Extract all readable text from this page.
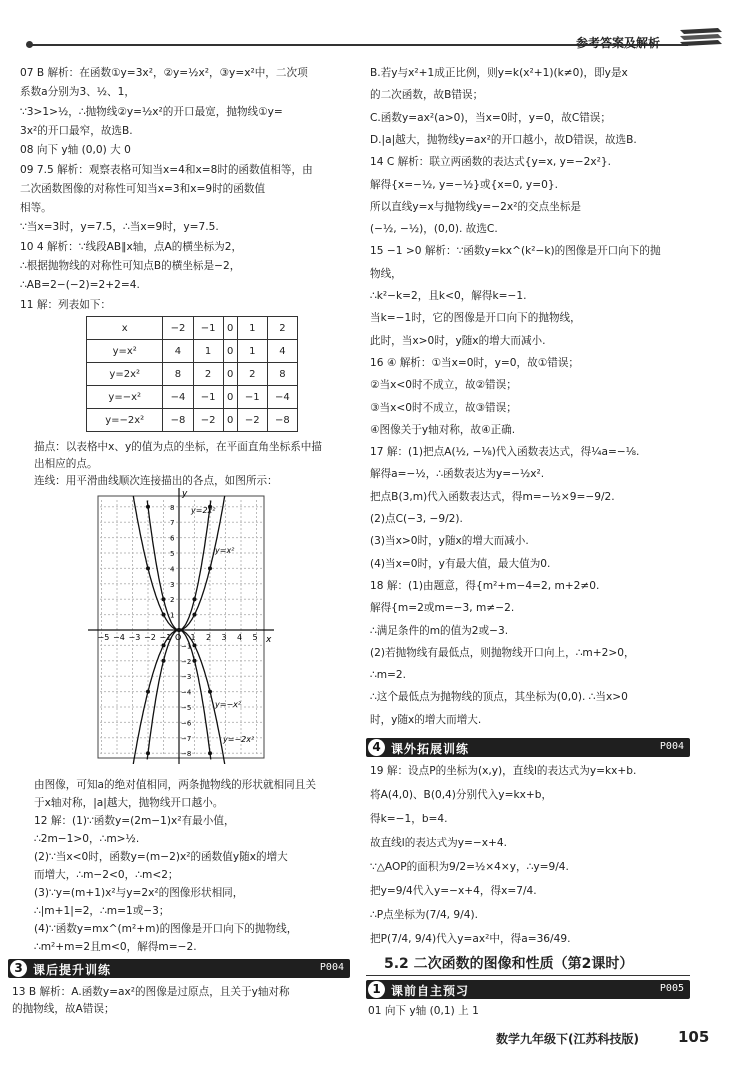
参考答案及解析
07 B 解析：在函数①y=3x²，②y=½x²，③y=x²中，二次项
系数a分别为3、½、1，
∵3>1>½，∴抛物线②y=½x²的开口最宽，抛物线①y=
3x²的开口最窄，故选B.
08 向下 y轴 (0,0) 大 0
09 7.5 解析：观察表格可知当x=4和x=8时的函数值相等，由
二次函数图像的对称性可知当x=3和x=9时的函数值
相等。
∵当x=3时，y=7.5，∴当x=9时，y=7.5.
10 4 解析：∵线段AB∥x轴，点A的横坐标为2，
∴根据抛物线的对称性可知点B的横坐标是−2，
∴AB=2−(−2)=2+2=4.
11 解：列表如下：
x	−2	−1	0	1	2
y=x²	4	1	0	1	4
y=2x²	8	2	0	2	8
y=−x²	−4	−1	0	−1	−4
y=−2x²	−8	−2	0	−2	−8
描点：以表格中x、y的值为点的坐标，在平面直角坐标系中描
出相应的点。
连线：用平滑曲线顺次连接描出的各点，如图所示：
x
y
−5 −4 −3 −2 −1 O 1 2 3 4 5
8
7
6
5
4
3
2
1
−1
−2
−3
−4
−5
−6
−7
−8
y=2x²
y=x²
y=−x²
y=−2x²
由图像，可知a的绝对值相同，两条抛物线的形状就相同且关
于x轴对称，|a|越大，抛物线开口越小。
12 解：(1)∵函数y=(2m−1)x²有最小值，
∴2m−1>0，∴m>½.
(2)∵当x<0时，函数y=(m−2)x²的函数值y随x的增大
而增大，∴m−2<0，∴m<2；
(3)∵y=(m+1)x²与y=2x²的图像形状相同，
∴|m+1|=2，∴m=1或−3；
(4)∵函数y=mx^(m²+m)的图像是开口向下的抛物线，
∴m²+m=2且m<0，解得m=−2.
3 课后提升训练	P004
13 B 解析：A.函数y=ax²的图像是过原点，且关于y轴对称
的抛物线，故A错误；
B.若y与x²+1成正比例，则y=k(x²+1)(k≠0)，即y是x
的二次函数，故B错误；
C.函数y=ax²(a>0)，当x=0时，y=0，故C错误；
D.|a|越大，抛物线y=ax²的开口越小，故D错误，故选B.
14 C 解析：联立两函数的表达式{y=x, y=−2x²}.
解得{x=−½, y=−½}或{x=0, y=0}.
所以直线y=x与抛物线y=−2x²的交点坐标是
(−½, −½)，(0,0). 故选C.
15 −1 >0 解析：∵函数y=kx^(k²−k)的图像是开口向下的抛
物线，
∴k²−k=2，且k<0，解得k=−1.
当k=−1时，它的图像是开口向下的抛物线，
此时，当x>0时，y随x的增大而减小.
16 ④ 解析：①当x=0时，y=0，故①错误；
②当x<0时不成立，故②错误；
③当x<0时不成立，故③错误；
④图像关于y轴对称，故④正确.
17 解：(1)把点A(½, −⅛)代入函数表达式，得¼a=−⅛.
解得a=−½，∴函数表达为y=−½x².
把点B(3,m)代入函数表达式，得m=−½×9=−9/2.
(2)点C(−3, −9/2).
(3)当x>0时，y随x的增大而减小.
(4)当x=0时，y有最大值，最大值为0.
18 解：(1)由题意，得{m²+m−4=2, m+2≠0.
解得{m=2或m=−3, m≠−2.
∴满足条件的m的值为2或−3.
(2)若抛物线有最低点，则抛物线开口向上，∴m+2>0，
∴m=2.
∴这个最低点为抛物线的顶点，其坐标为(0,0). ∴当x>0
时，y随x的增大而增大.
4 课外拓展训练	P004
19 解：设点P的坐标为(x,y)，直线l的表达式为y=kx+b.
将A(4,0)、B(0,4)分别代入y=kx+b，
得k=−1，b=4.
故直线l的表达式为y=−x+4.
∵△AOP的面积为9/2=½×4×y，∴y=9/4.
把y=9/4代入y=−x+4，得x=7/4.
∴P点坐标为(7/4, 9/4).
把P(7/4, 9/4)代入y=ax²中，得a=36/49.
5.2 二次函数的图像和性质（第2课时）
1 课前自主预习	P005
01 向下 y轴 (0,1) 上 1
数学九年级下(江苏科技版)	105
